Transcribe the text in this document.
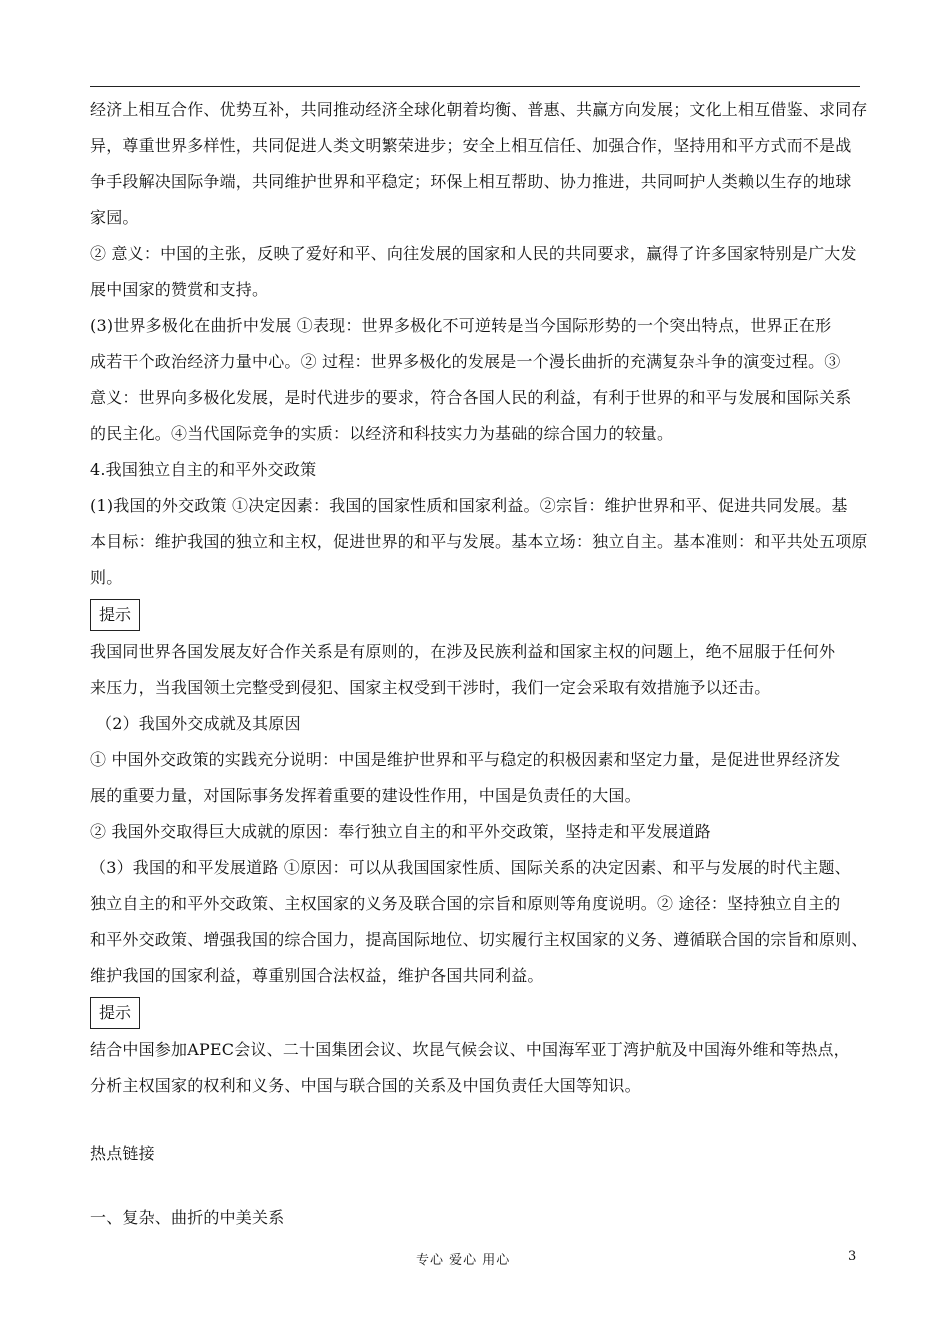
经济上相互合作、优势互补，共同推动经济全球化朝着均衡、普惠、共赢方向发展；文化上相互借鉴、求同存
异，尊重世界多样性，共同促进人类文明繁荣进步；安全上相互信任、加强合作，坚持用和平方式而不是战
争手段解决国际争端，共同维护世界和平稳定；环保上相互帮助、协力推进，共同呵护人类赖以生存的地球
家园。
② 意义：中国的主张，反映了爱好和平、向往发展的国家和人民的共同要求，赢得了许多国家特别是广大发
展中国家的赞赏和支持。
(3)世界多极化在曲折中发展 ①表现：世界多极化不可逆转是当今国际形势的一个突出特点，世界正在形
成若干个政治经济力量中心。② 过程：世界多极化的发展是一个漫长曲折的充满复杂斗争的演变过程。③
意义：世界向多极化发展，是时代进步的要求，符合各国人民的利益，有利于世界的和平与发展和国际关系
的民主化。④当代国际竞争的实质：以经济和科技实力为基础的综合国力的较量。
4.我国独立自主的和平外交政策
(1)我国的外交政策 ①决定因素：我国的国家性质和国家利益。②宗旨：维护世界和平、促进共同发展。基
本目标：维护我国的独立和主权，促进世界的和平与发展。基本立场：独立自主。基本准则：和平共处五项原
则。
提示
我国同世界各国发展友好合作关系是有原则的，在涉及民族利益和国家主权的问题上，绝不屈服于任何外
来压力，当我国领土完整受到侵犯、国家主权受到干涉时，我们一定会采取有效措施予以还击。
（2）我国外交成就及其原因
① 中国外交政策的实践充分说明：中国是维护世界和平与稳定的积极因素和坚定力量，是促进世界经济发
展的重要力量，对国际事务发挥着重要的建设性作用，中国是负责任的大国。
② 我国外交取得巨大成就的原因：奉行独立自主的和平外交政策，坚持走和平发展道路
（3）我国的和平发展道路 ①原因：可以从我国国家性质、国际关系的决定因素、和平与发展的时代主题、
独立自主的和平外交政策、主权国家的义务及联合国的宗旨和原则等角度说明。② 途径：坚持独立自主的
和平外交政策、增强我国的综合国力，提高国际地位、切实履行主权国家的义务、遵循联合国的宗旨和原则、
维护我国的国家利益，尊重别国合法权益，维护各国共同利益。
提示
结合中国参加APEC会议、二十国集团会议、坎昆气候会议、中国海军亚丁湾护航及中国海外维和等热点，
分析主权国家的权利和义务、中国与联合国的关系及中国负责任大国等知识。
热点链接
一、复杂、曲折的中美关系
专心 爱心 用心	3
